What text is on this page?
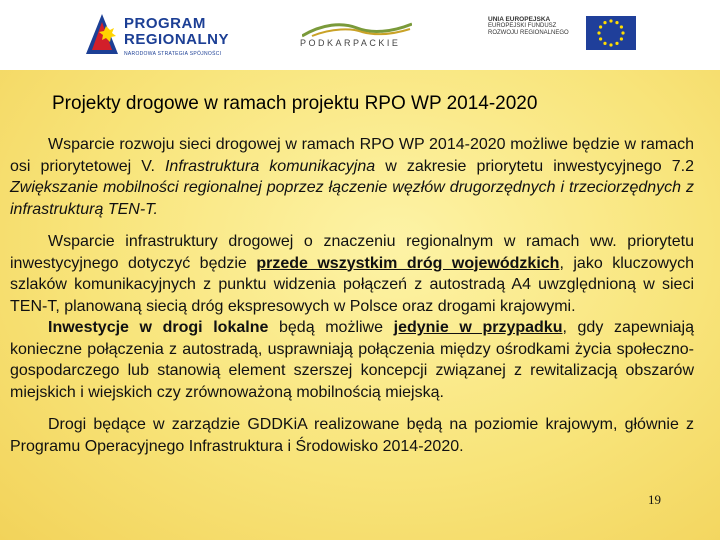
PROGRAM
REGIONALNY
NARODOWA STRATEGIA SPÓJNOŚCI
PODKARPACKIE
UNIA EUROPEJSKA
EUROPEJSKI FUNDUSZ
ROZWOJU REGIONALNEGO
Projekty drogowe w ramach projektu RPO WP 2014-2020

Wsparcie rozwoju sieci drogowej w ramach RPO WP 2014-2020 możliwe będzie w ramach osi priorytetowej V. Infrastruktura komunikacyjna w zakresie priorytetu inwestycyjnego 7.2 Zwiększanie mobilności regionalnej poprzez łączenie węzłów drugorzędnych i trzeciorzędnych z infrastrukturą TEN-T.

Wsparcie infrastruktury drogowej o znaczeniu regionalnym w ramach ww. priorytetu inwestycyjnego dotyczyć będzie przede wszystkim dróg wojewódzkich, jako kluczowych szlaków komunikacyjnych z punktu widzenia połączeń z autostradą A4 uwzględnioną w sieci TEN-T, planowaną siecią dróg ekspresowych w Polsce oraz drogami krajowymi.

Inwestycje w drogi lokalne będą możliwe jedynie w przypadku, gdy zapewniają konieczne połączenia z autostradą, usprawniają połączenia między ośrodkami życia społeczno-gospodarczego lub stanowią element szerszej koncepcji związanej z rewitalizacją obszarów miejskich i wiejskich czy zrównoważoną mobilnością miejską.

Drogi będące w zarządzie GDDKiA realizowane będą na poziomie krajowym, głównie z Programu Operacyjnego Infrastruktura i Środowisko 2014-2020.

19
